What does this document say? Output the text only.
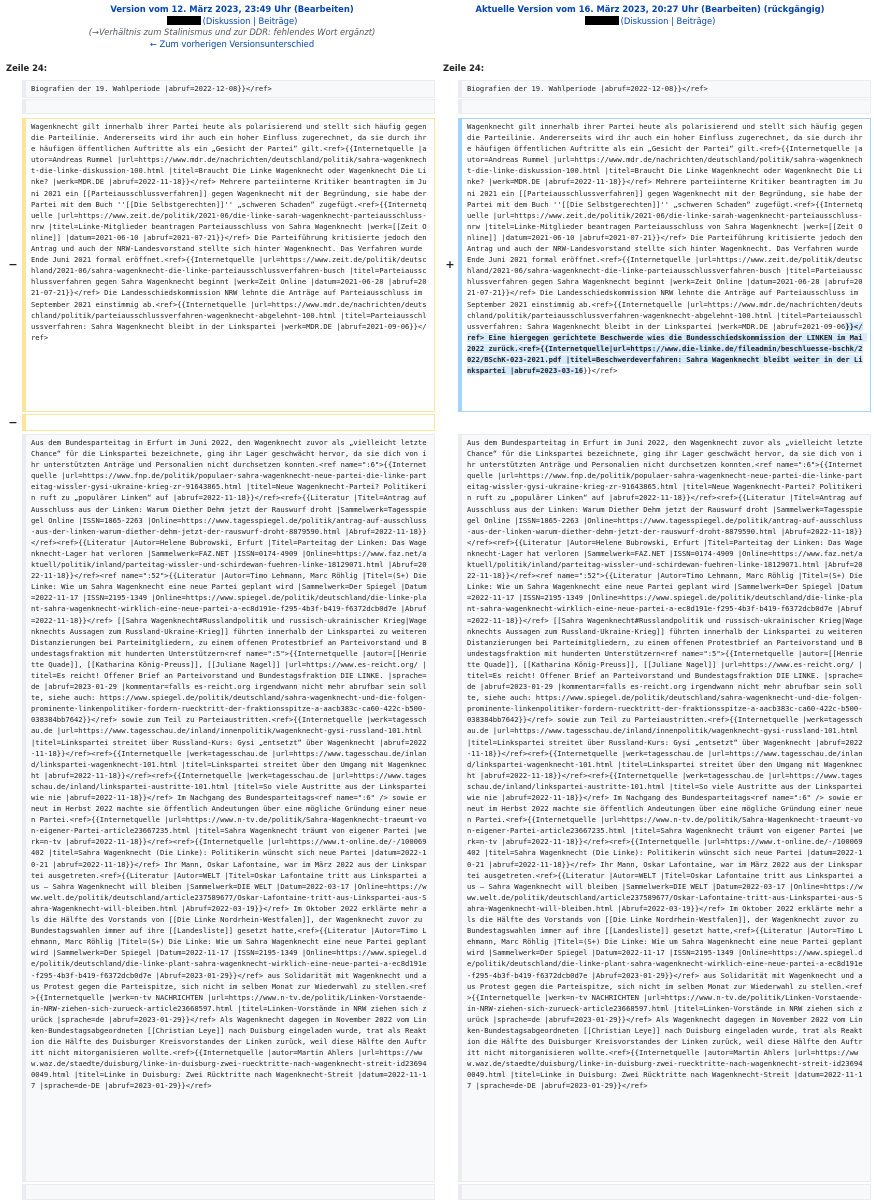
Version vom 12. März 2023, 23:49 Uhr (Bearbeiten)
(Diskussion | Beiträge)
(→Verhältnis zum Stalinismus und zur DDR: fehlendes Wort ergänzt)
← Zum vorherigen Versionsunterschied
Aktuelle Version vom 16. März 2023, 20:27 Uhr (Bearbeiten) (rückgängig)
(Diskussion | Beiträge)
Zeile 24:	Zeile 24:
Biografien der 19. Wahlperiode |abruf=2022-12-08}}</ref>	Biografien der 19. Wahlperiode |abruf=2022-12-08}}</ref>
−
Wagenknecht gilt innerhalb ihrer Partei heute als polarisierend und stellt sich häufig gegen die Parteilinie. Andererseits wird ihr auch ein hoher Einfluss zugerechnet, da sie durch ihre häufigen öffentlichen Auftritte als ein „Gesicht der Partei“ gilt.<ref>{{Internetquelle |autor=Andreas Rummel |url=https://www.mdr.de/nachrichten/deutschland/politik/sahra-wagenknecht-die-linke-diskussion-100.html |titel=Braucht Die Linke Wagenknecht oder Wagenknecht Die Linke? |werk=MDR.DE |abruf=2022-11-18}}</ref> Mehrere parteiinterne Kritiker beantragten im Juni 2021 ein [[Parteiausschlussverfahren]] gegen Wagenknecht mit der Begründung, sie habe der Partei mit dem Buch ''[[Die Selbstgerechten]]'' „schweren Schaden“ zugefügt.<ref>{{Internetquelle |url=https://www.zeit.de/politik/2021-06/die-linke-sarah-wagenknecht-parteiausschluss-nrw |titel=Linke-Mitglieder beantragen Parteiausschluss von Sahra Wagenknecht |werk=[[Zeit Online]] |datum=2021-06-10 |abruf=2021-07-21}}</ref> Die Parteiführung kritisierte jedoch den Antrag und auch der NRW-Landesvorstand stellte sich hinter Wagenknecht. Das Verfahren wurde Ende Juni 2021 formal eröffnet.<ref>{{Internetquelle |url=https://www.zeit.de/politik/deutschland/2021-06/sahra-wagenknecht-die-linke-parteiausschlussverfahren-busch |titel=Parteiausschlussverfahren gegen Sahra Wagenknecht beginnt |werk=Zeit Online |datum=2021-06-28 |abruf=2021-07-21}}</ref> Die Landesschiedskommission NRW lehnte die Anträge auf Parteiausschluss im September 2021 einstimmig ab.<ref>{{Internetquelle |url=https://www.mdr.de/nachrichten/deutschland/politik/parteiausschlussverfahren-wagenknecht-abgelehnt-100.html |titel=Parteiausschlussverfahren: Sahra Wagenknecht bleibt in der Linkspartei |werk=MDR.DE |abruf=2021-09-06}}</ref>
+
Wagenknecht gilt innerhalb ihrer Partei heute als polarisierend und stellt sich häufig gegen die Parteilinie. Andererseits wird ihr auch ein hoher Einfluss zugerechnet, da sie durch ihre häufigen öffentlichen Auftritte als ein „Gesicht der Partei“ gilt.<ref>{{Internetquelle |autor=Andreas Rummel |url=https://www.mdr.de/nachrichten/deutschland/politik/sahra-wagenknecht-die-linke-diskussion-100.html |titel=Braucht Die Linke Wagenknecht oder Wagenknecht Die Linke? |werk=MDR.DE |abruf=2022-11-18}}</ref> Mehrere parteiinterne Kritiker beantragten im Juni 2021 ein [[Parteiausschlussverfahren]] gegen Wagenknecht mit der Begründung, sie habe der Partei mit dem Buch ''[[Die Selbstgerechten]]'' „schweren Schaden“ zugefügt.<ref>{{Internetquelle |url=https://www.zeit.de/politik/2021-06/die-linke-sarah-wagenknecht-parteiausschluss-nrw |titel=Linke-Mitglieder beantragen Parteiausschluss von Sahra Wagenknecht |werk=[[Zeit Online]] |datum=2021-06-10 |abruf=2021-07-21}}</ref> Die Parteiführung kritisierte jedoch den Antrag und auch der NRW-Landesvorstand stellte sich hinter Wagenknecht. Das Verfahren wurde Ende Juni 2021 formal eröffnet.<ref>{{Internetquelle |url=https://www.zeit.de/politik/deutschland/2021-06/sahra-wagenknecht-die-linke-parteiausschlussverfahren-busch |titel=Parteiausschlussverfahren gegen Sahra Wagenknecht beginnt |werk=Zeit Online |datum=2021-06-28 |abruf=2021-07-21}}</ref> Die Landesschiedskommission NRW lehnte die Anträge auf Parteiausschluss im September 2021 einstimmig ab.<ref>{{Internetquelle |url=https://www.mdr.de/nachrichten/deutschland/politik/parteiausschlussverfahren-wagenknecht-abgelehnt-100.html |titel=Parteiausschlussverfahren: Sahra Wagenknecht bleibt in der Linkspartei |werk=MDR.DE |abruf=2021-09-06}}</ref> Eine hiergegen gerichtete Beschwerde wies die Bundesschiedskommission der LINKEN im Mai 2022 zurück.<ref>{{Internetquelle|url=https://www.die-linke.de/fileadmin/beschluesse-bschk/2022/BSchK-023-2021.pdf |titel=Beschwerdeverfahren: Sahra Wagenknecht bleibt weiter in der Linkspartei |abruf=2023-03-16}}</ref>
−
Aus dem Bundesparteitag in Erfurt im Juni 2022, den Wagenknecht zuvor als „vielleicht letzte Chance“ für die Linkspartei bezeichnete, ging ihr Lager geschwächt hervor, da sie dich von ihr unterstützten Anträge und Personalien nicht durchsetzen konnten.<ref name=":6">{{Internetquelle |url=https://www.fnp.de/politik/populaer-sahra-wagenknecht-neue-partei-die-linke-parteitag-wissler-gysi-ukraine-krieg-zr-91643865.html |titel=Neue Wagenknecht-Partei? Politikerin ruft zu „populärer Linken“ auf |abruf=2022-11-18}}</ref><ref>{{Literatur |Titel=Antrag auf Ausschluss aus der Linken: Warum Diether Dehm jetzt der Rauswurf droht |Sammelwerk=Tagesspiegel Online |ISSN=1865-2263 |Online=https://www.tagesspiegel.de/politik/antrag-auf-ausschluss-aus-der-linken-warum-diether-dehm-jetzt-der-rauswurf-droht-8879590.html |Abruf=2022-11-18}}</ref><ref>{{Literatur |Autor=Helene Bubrowski, Erfurt |Titel=Parteitag der Linken: Das Wagenknecht-Lager hat verloren |Sammelwerk=FAZ.NET |ISSN=0174-4909 |Online=https://www.faz.net/aktuell/politik/inland/parteitag-wissler-und-schirdewan-fuehren-linke-18129071.html |Abruf=2022-11-18}}</ref><ref name=":52">{{Literatur |Autor=Timo Lehmann, Marc Röhlig |Titel=(S+) Die Linke: Wie um Sahra Wagenknecht eine neue Partei geplant wird |Sammelwerk=Der Spiegel |Datum=2022-11-17 |ISSN=2195-1349 |Online=https://www.spiegel.de/politik/deutschland/die-linke-plant-sahra-wagenknecht-wirklich-eine-neue-partei-a-ec8d191e-f295-4b3f-b419-f6372dcb0d7e |Abruf=2022-11-18}}</ref> [[Sahra Wagenknecht#Russlandpolitik und russisch-ukrainischer Krieg|Wagenknechts Aussagen zum Russland-Ukraine-Krieg]] führten innerhalb der Linkspartei zu weiteren Distanzierungen bei Parteimitgliedern, zu einem offenen Protestbrief an Parteivorstand und Bundestagsfraktion mit hunderten Unterstützern<ref name=":5">{{Internetquelle |autor=[[Henriette Quade]], [[Katharina König-Preuss]], [[Juliane Nagel]] |url=https://www.es-reicht.org/ |titel=Es reicht! Offener Brief an Parteivorstand und Bundestagsfraktion DIE LINKE. |sprache=de |abruf=2023-01-29 |kommentar=falls es-reicht.org irgendwann nicht mehr abrufbar sein sollte, siehe auch: https://www.spiegel.de/politik/deutschland/sahra-wagenknecht-und-die-folgen-prominente-linkenpolitiker-fordern-ruecktritt-der-fraktionsspitze-a-aacb383c-ca60-422c-b500-038384bb7642}}</ref> sowie zum Teil zu Parteiaustritten.<ref>{{Internetquelle |werk=tagesschau.de |url=https://www.tagesschau.de/inland/innenpolitik/wagenknecht-gysi-russland-101.html |titel=Linkspartei streitet über Russland-Kurs: Gysi „entsetzt“ über Wagenknecht |abruf=2022-11-18}}</ref><ref>{{Internetquelle |werk=tagesschau.de |url=https://www.tagesschau.de/inland/linkspartei-wagenknecht-101.html |titel=Linkspartei streitet über den Umgang mit Wagenknecht |abruf=2022-11-18}}</ref><ref>{{Internetquelle |werk=tagesschau.de |url=https://www.tagesschau.de/inland/linkspartei-austritte-101.html |titel=So viele Austritte aus der Linkspartei wie nie |abruf=2022-11-18}}</ref> Im Nachgang des Bundesparteitags<ref name=":6" /> sowie erneut im Herbst 2022 machte sie öffentlich Andeutungen über eine mögliche Gründung einer neuen Partei.<ref>{{Internetquelle |url=https://www.n-tv.de/politik/Sahra-Wagenknecht-traeumt-von-eigener-Partei-article23667235.html |titel=Sahra Wagenknecht träumt von eigener Partei |werk=n-tv |abruf=2022-11-18}}</ref><ref>{{Internetquelle |url=https://www.t-online.de/-/100069402 |titel=Sahra Wagenknecht (Die Linke): Politikerin wünscht sich neue Partei |datum=2022-10-21 |abruf=2022-11-18}}</ref> Ihr Mann, Oskar Lafontaine, war im März 2022 aus der Linkspartei ausgetreten.<ref>{{Literatur |Autor=WELT |Titel=Oskar Lafontaine tritt aus Linkspartei aus – Sahra Wagenknecht will bleiben |Sammelwerk=DIE WELT |Datum=2022-03-17 |Online=https://www.welt.de/politik/deutschland/article237589677/Oskar-Lafontaine-tritt-aus-Linkspartei-aus-Sahra-Wagenknecht-will-bleiben.html |Abruf=2022-03-19}}</ref> Im Oktober 2022 erklärte mehr als die Hälfte des Vorstands von [[Die Linke Nordrhein-Westfalen]], der Wagenknecht zuvor zu Bundestagswahlen immer auf ihre [[Landesliste]] gesetzt hatte,<ref>{{Literatur |Autor=Timo Lehmann, Marc Röhlig |Titel=(S+) Die Linke: Wie um Sahra Wagenknecht eine neue Partei geplant wird |Sammelwerk=Der Spiegel |Datum=2022-11-17 |ISSN=2195-1349 |Online=https://www.spiegel.de/politik/deutschland/die-linke-plant-sahra-wagenknecht-wirklich-eine-neue-partei-a-ec8d191e-f295-4b3f-b419-f6372dcb0d7e |Abruf=2023-01-29}}</ref> aus Solidarität mit Wagenknecht und aus Protest gegen die Parteispitze, sich nicht im selben Monat zur Wiederwahl zu stellen.<ref>{{Internetquelle |werk=n-tv NACHRICHTEN |url=https://www.n-tv.de/politik/Linken-Vorstaende-in-NRW-ziehen-sich-zurueck-article23668597.html |titel=Linken-Vorstände in NRW ziehen sich zurück |sprache=de |abruf=2023-01-29}}</ref> Als Wagenknecht dagegen im November 2022 vom Linken-Bundestagsabgeordneten [[Christian Leye]] nach Duisburg eingeladen wurde, trat als Reaktion die Hälfte des Duisburger Kreisvorstandes der Linken zurück, weil diese Hälfte den Auftritt nicht mitorganisieren wollte.<ref>{{Internetquelle |autor=Martin Ahlers |url=https://www.waz.de/staedte/duisburg/linke-in-duisburg-zwei-ruecktritte-nach-wagenknecht-streit-id236940049.html |titel=Linke in Duisburg: Zwei Rücktritte nach Wagenknecht-Streit |datum=2022-11-17 |sprache=de-DE |abruf=2023-01-29}}</ref>
Aus dem Bundesparteitag in Erfurt im Juni 2022, den Wagenknecht zuvor als „vielleicht letzte Chance“ für die Linkspartei bezeichnete, ging ihr Lager geschwächt hervor, da sie dich von ihr unterstützten Anträge und Personalien nicht durchsetzen konnten.<ref name=":6">{{Internetquelle |url=https://www.fnp.de/politik/populaer-sahra-wagenknecht-neue-partei-die-linke-parteitag-wissler-gysi-ukraine-krieg-zr-91643865.html |titel=Neue Wagenknecht-Partei? Politikerin ruft zu „populärer Linken“ auf |abruf=2022-11-18}}</ref><ref>{{Literatur |Titel=Antrag auf Ausschluss aus der Linken: Warum Diether Dehm jetzt der Rauswurf droht |Sammelwerk=Tagesspiegel Online |ISSN=1865-2263 |Online=https://www.tagesspiegel.de/politik/antrag-auf-ausschluss-aus-der-linken-warum-diether-dehm-jetzt-der-rauswurf-droht-8879590.html |Abruf=2022-11-18}}</ref><ref>{{Literatur |Autor=Helene Bubrowski, Erfurt |Titel=Parteitag der Linken: Das Wagenknecht-Lager hat verloren |Sammelwerk=FAZ.NET |ISSN=0174-4909 |Online=https://www.faz.net/aktuell/politik/inland/parteitag-wissler-und-schirdewan-fuehren-linke-18129071.html |Abruf=2022-11-18}}</ref><ref name=":52">{{Literatur |Autor=Timo Lehmann, Marc Röhlig |Titel=(S+) Die Linke: Wie um Sahra Wagenknecht eine neue Partei geplant wird |Sammelwerk=Der Spiegel |Datum=2022-11-17 |ISSN=2195-1349 |Online=https://www.spiegel.de/politik/deutschland/die-linke-plant-sahra-wagenknecht-wirklich-eine-neue-partei-a-ec8d191e-f295-4b3f-b419-f6372dcb0d7e |Abruf=2022-11-18}}</ref> [[Sahra Wagenknecht#Russlandpolitik und russisch-ukrainischer Krieg|Wagenknechts Aussagen zum Russland-Ukraine-Krieg]] führten innerhalb der Linkspartei zu weiteren Distanzierungen bei Parteimitgliedern, zu einem offenen Protestbrief an Parteivorstand und Bundestagsfraktion mit hunderten Unterstützern<ref name=":5">{{Internetquelle |autor=[[Henriette Quade]], [[Katharina König-Preuss]], [[Juliane Nagel]] |url=https://www.es-reicht.org/ |titel=Es reicht! Offener Brief an Parteivorstand und Bundestagsfraktion DIE LINKE. |sprache=de |abruf=2023-01-29 |kommentar=falls es-reicht.org irgendwann nicht mehr abrufbar sein sollte, siehe auch: https://www.spiegel.de/politik/deutschland/sahra-wagenknecht-und-die-folgen-prominente-linkenpolitiker-fordern-ruecktritt-der-fraktionsspitze-a-aacb383c-ca60-422c-b500-038384bb7642}}</ref> sowie zum Teil zu Parteiaustritten.<ref>{{Internetquelle |werk=tagesschau.de |url=https://www.tagesschau.de/inland/innenpolitik/wagenknecht-gysi-russland-101.html |titel=Linkspartei streitet über Russland-Kurs: Gysi „entsetzt“ über Wagenknecht |abruf=2022-11-18}}</ref><ref>{{Internetquelle |werk=tagesschau.de |url=https://www.tagesschau.de/inland/linkspartei-wagenknecht-101.html |titel=Linkspartei streitet über den Umgang mit Wagenknecht |abruf=2022-11-18}}</ref><ref>{{Internetquelle |werk=tagesschau.de |url=https://www.tagesschau.de/inland/linkspartei-austritte-101.html |titel=So viele Austritte aus der Linkspartei wie nie |abruf=2022-11-18}}</ref> Im Nachgang des Bundesparteitags<ref name=":6" /> sowie erneut im Herbst 2022 machte sie öffentlich Andeutungen über eine mögliche Gründung einer neuen Partei.<ref>{{Internetquelle |url=https://www.n-tv.de/politik/Sahra-Wagenknecht-traeumt-von-eigener-Partei-article23667235.html |titel=Sahra Wagenknecht träumt von eigener Partei |werk=n-tv |abruf=2022-11-18}}</ref><ref>{{Internetquelle |url=https://www.t-online.de/-/100069402 |titel=Sahra Wagenknecht (Die Linke): Politikerin wünscht sich neue Partei |datum=2022-10-21 |abruf=2022-11-18}}</ref> Ihr Mann, Oskar Lafontaine, war im März 2022 aus der Linkspartei ausgetreten.<ref>{{Literatur |Autor=WELT |Titel=Oskar Lafontaine tritt aus Linkspartei aus – Sahra Wagenknecht will bleiben |Sammelwerk=DIE WELT |Datum=2022-03-17 |Online=https://www.welt.de/politik/deutschland/article237589677/Oskar-Lafontaine-tritt-aus-Linkspartei-aus-Sahra-Wagenknecht-will-bleiben.html |Abruf=2022-03-19}}</ref> Im Oktober 2022 erklärte mehr als die Hälfte des Vorstands von [[Die Linke Nordrhein-Westfalen]], der Wagenknecht zuvor zu Bundestagswahlen immer auf ihre [[Landesliste]] gesetzt hatte,<ref>{{Literatur |Autor=Timo Lehmann, Marc Röhlig |Titel=(S+) Die Linke: Wie um Sahra Wagenknecht eine neue Partei geplant wird |Sammelwerk=Der Spiegel |Datum=2022-11-17 |ISSN=2195-1349 |Online=https://www.spiegel.de/politik/deutschland/die-linke-plant-sahra-wagenknecht-wirklich-eine-neue-partei-a-ec8d191e-f295-4b3f-b419-f6372dcb0d7e |Abruf=2023-01-29}}</ref> aus Solidarität mit Wagenknecht und aus Protest gegen die Parteispitze, sich nicht im selben Monat zur Wiederwahl zu stellen.<ref>{{Internetquelle |werk=n-tv NACHRICHTEN |url=https://www.n-tv.de/politik/Linken-Vorstaende-in-NRW-ziehen-sich-zurueck-article23668597.html |titel=Linken-Vorstände in NRW ziehen sich zurück |sprache=de |abruf=2023-01-29}}</ref> Als Wagenknecht dagegen im November 2022 vom Linken-Bundestagsabgeordneten [[Christian Leye]] nach Duisburg eingeladen wurde, trat als Reaktion die Hälfte des Duisburger Kreisvorstandes der Linken zurück, weil diese Hälfte den Auftritt nicht mitorganisieren wollte.<ref>{{Internetquelle |autor=Martin Ahlers |url=https://www.waz.de/staedte/duisburg/linke-in-duisburg-zwei-ruecktritte-nach-wagenknecht-streit-id236940049.html |titel=Linke in Duisburg: Zwei Rücktritte nach Wagenknecht-Streit |datum=2022-11-17 |sprache=de-DE |abruf=2023-01-29}}</ref>
